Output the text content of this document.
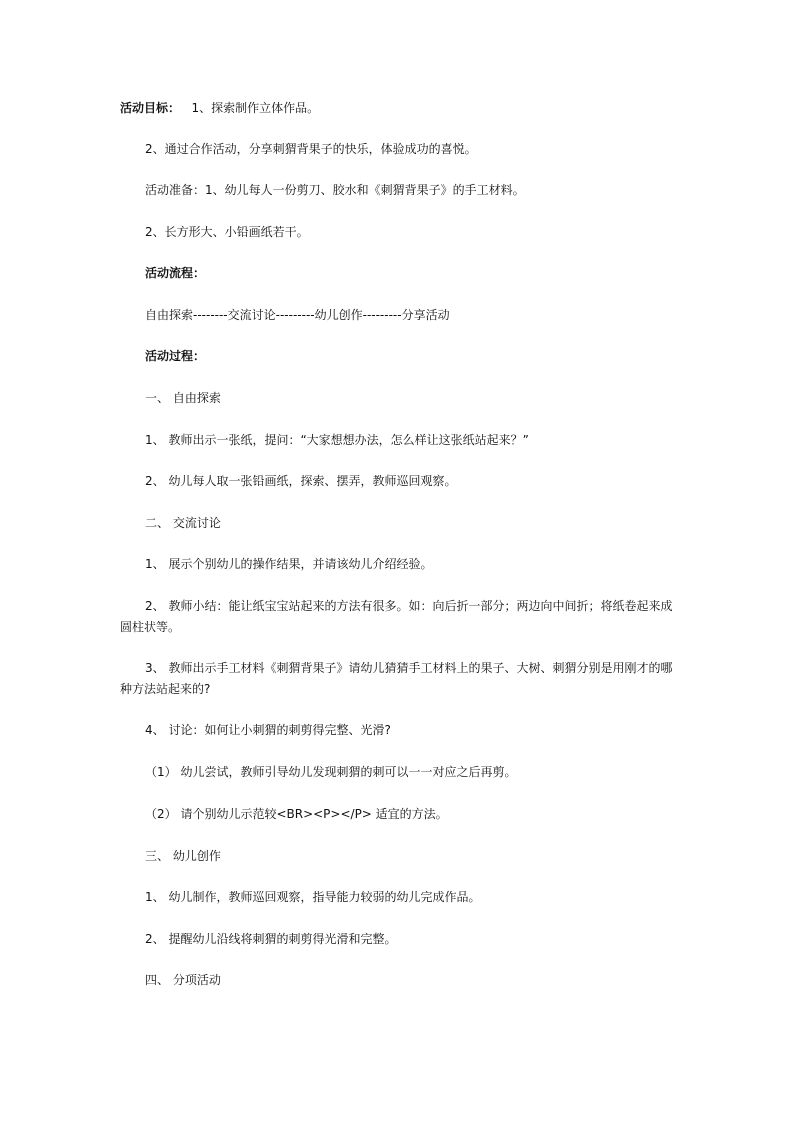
活动目标： 1、探索制作立体作品。
2、通过合作活动，分享刺猬背果子的快乐，体验成功的喜悦。
活动准备：1、幼儿每人一份剪刀、胶水和《刺猬背果子》的手工材料。
2、长方形大、小铅画纸若干。
活动流程：
自由探索--------交流讨论---------幼儿创作---------分享活动
活动过程：
一、 自由探索
1、 教师出示一张纸，提问：“大家想想办法，怎么样让这张纸站起来？”
2、 幼儿每人取一张铅画纸，探索、摆弄，教师巡回观察。
二、 交流讨论
1、 展示个别幼儿的操作结果，并请该幼儿介绍经验。
2、 教师小结：能让纸宝宝站起来的方法有很多。如：向后折一部分；两边向中间折；将纸卷起来成
圆柱状等。
3、 教师出示手工材料《刺猬背果子》请幼儿猜猜手工材料上的果子、大树、刺猬分别是用刚才的哪
种方法站起来的?
4、 讨论：如何让小刺猬的刺剪得完整、光滑?
（1） 幼儿尝试，教师引导幼儿发现刺猬的刺可以一一对应之后再剪。
（2） 请个别幼儿示范较<BR><P></P> 适宜的方法。
三、 幼儿创作
1、 幼儿制作，教师巡回观察，指导能力较弱的幼儿完成作品。
2、 提醒幼儿沿线将刺猬的刺剪得光滑和完整。
四、 分项活动
